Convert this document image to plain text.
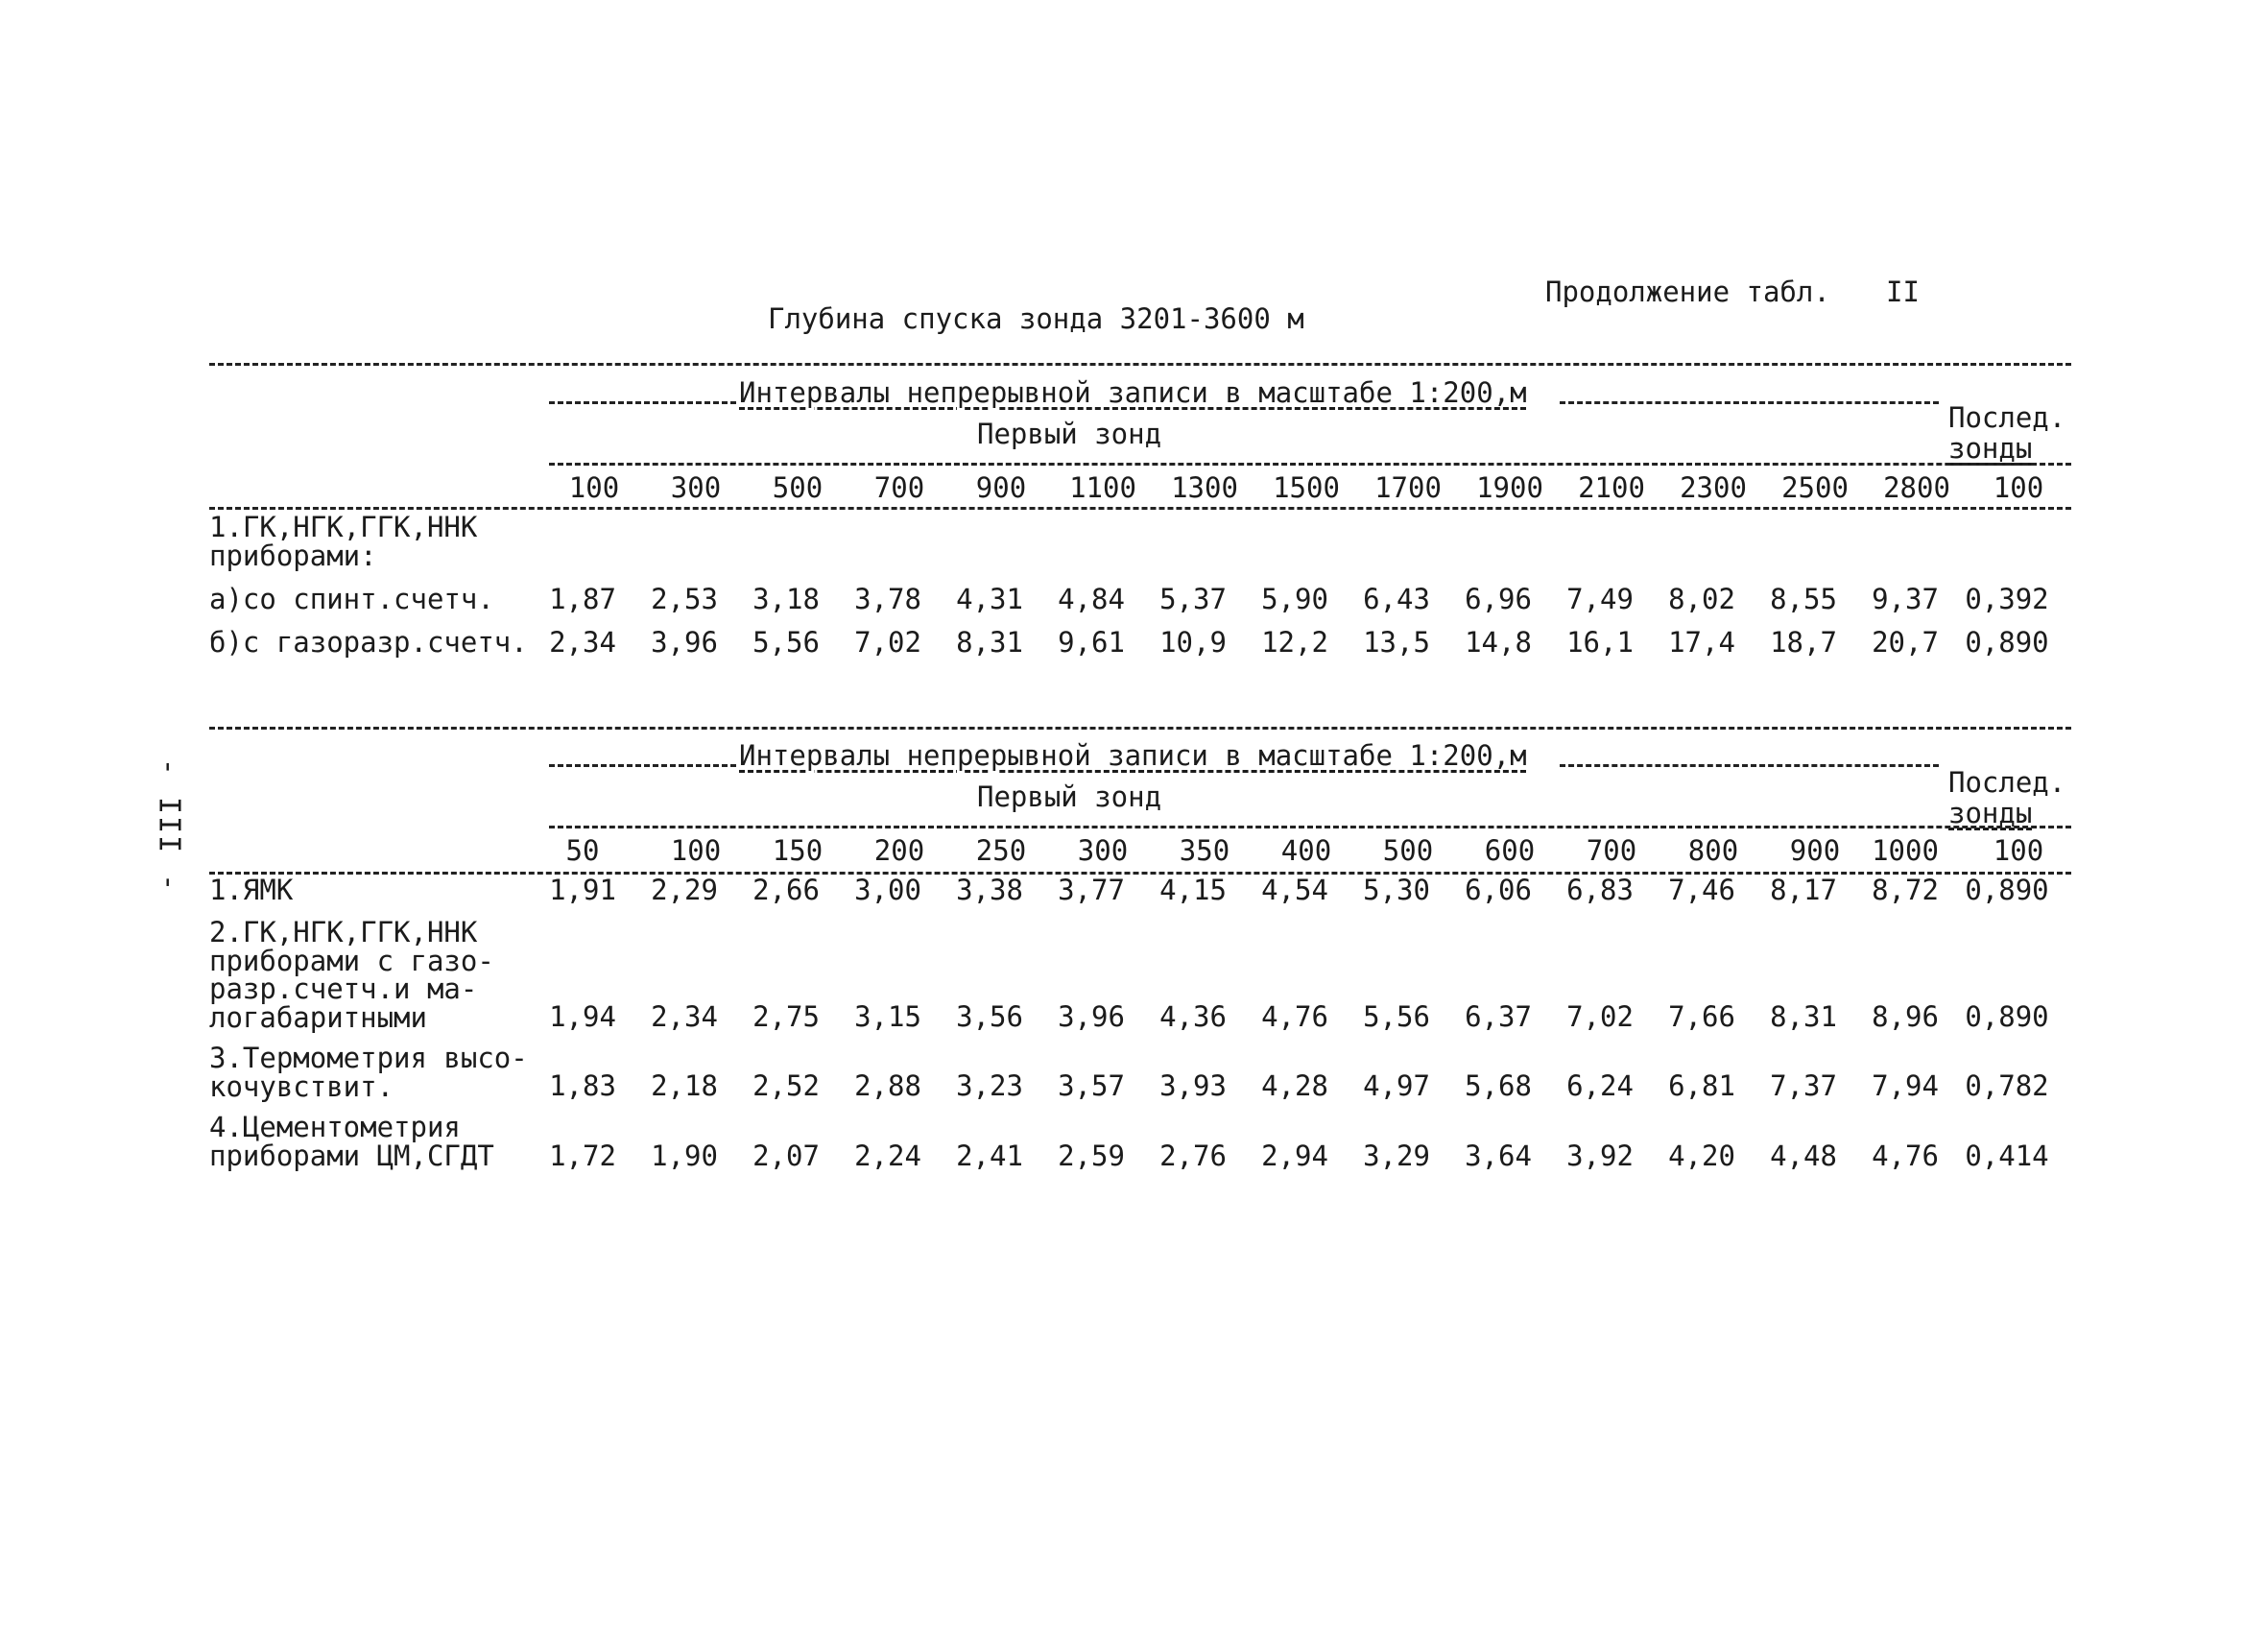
Глубина спуска зонда 3201-3600 м
Продолжение табл. II
- III -
Интервалы непрерывной записи в масштабе 1:200,м
Первый зонд	Послед.
зонды
100	300	500	700	900	1100	1300	1500	1700	1900	2100	2300	2500	2800	100
1.ГК,НГК,ГГК,ННК
приборами:
а)со спинт.счетч.	1,87	2,53	3,18	3,78	4,31	4,84	5,37	5,90	6,43	6,96	7,49	8,02	8,55	9,37 0,392
б)с газоразр.счетч. 2,34	3,96	5,56	7,02	8,31	9,61	10,9	12,2	13,5	14,8	16,1	17,4	18,7	20,7 0,890
Интервалы непрерывной записи в масштабе 1:200,м
Первый зонд	Послед.
зонды
50	100	150	200	250	300	350	400	500	600	700	800	900	1000	100
1.ЯМК	1,91	2,29	2,66	3,00	3,38	3,77	4,15	4,54	5,30	6,06	6,83	7,46	8,17	8,72 0,890
2.ГК,НГК,ГГК,ННК
приборами с газо-
разр.счетч.и ма-
логабаритными	1,94	2,34	2,75	3,15	3,56	3,96	4,36	4,76	5,56	6,37	7,02	7,66	8,31	8,96 0,890
3.Термометрия высо-
кочувствит.	1,83	2,18	2,52	2,88	3,23	3,57	3,93	4,28	4,97	5,68	6,24	6,81	7,37	7,94 0,782
4.Цементометрия
приборами ЦМ,СГДТ	1,72	1,90	2,07	2,24	2,41	2,59	2,76	2,94	3,29	3,64	3,92	4,20	4,48	4,76 0,414
